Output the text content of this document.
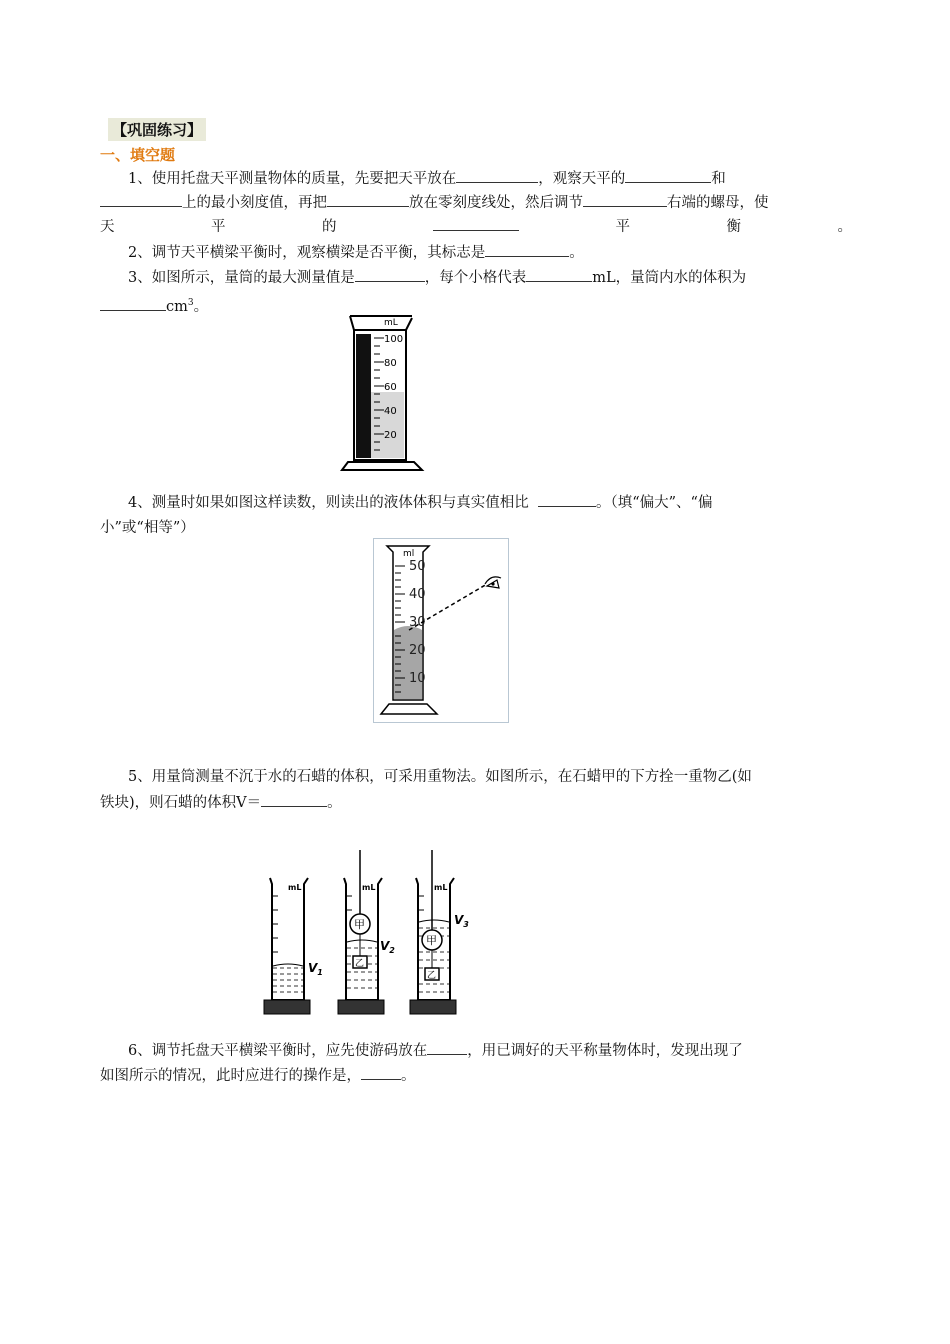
【巩固练习】
一、填空题
1、使用托盘天平测量物体的质量，先要把天平放在	，观察天平的	和
上的最小刻度值，再把	放在零刻度线处，然后调节	右端的螺母，使
天	平	的	平	衡	。
2、调节天平横梁平衡时，观察横梁是否平衡，其标志是	。
3、如图所示，量筒的最大测量值是	，每个小格代表	mL，量筒内水的体积为
$cm^3$。
mL
100
80
60
40
20
4、测量时如果如图这样读数，则读出的液体体积与真实值相比	。（填“偏大”、“偏
小”或“相等”）
ml
50
40
30
20
10
5、用量筒测量不沉于水的石蜡的体积，可采用重物法。如图所示，在石蜡甲的下方拴一重物乙(如
铁块)，则石蜡的体积V＝	。
mL
$V_1$
甲
乙
mL
$V_2$
甲
乙
mL
$V_3$
6、调节托盘天平横梁平衡时，应先使游码放在	，用已调好的天平称量物体时，发现出现了
如图所示的情况，此时应进行的操作是，	。
